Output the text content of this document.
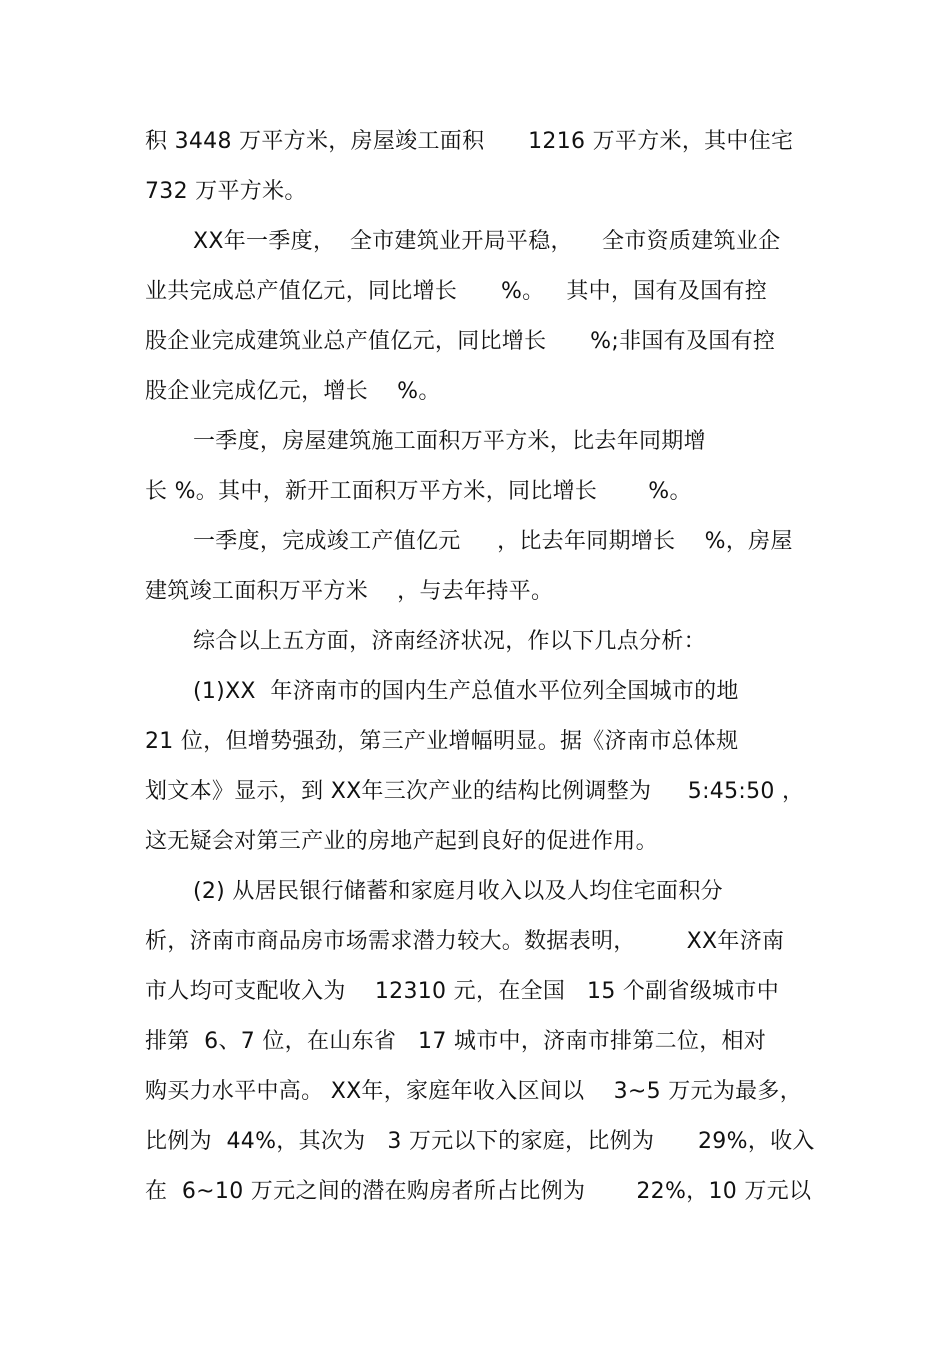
积 3448 万平方米，房屋竣工面积      1216 万平方米，其中住宅
732 万平方米。
XX年一季度，  全市建筑业开局平稳，    全市资质建筑业企
业共完成总产值亿元，同比增长      %。   其中，国有及国有控
股企业完成建筑业总产值亿元，同比增长      %;非国有及国有控
股企业完成亿元，增长    %。
一季度，房屋建筑施工面积万平方米，比去年同期增
长 %。其中，新开工面积万平方米，同比增长       %。
一季度，完成竣工产值亿元     ，比去年同期增长    %，房屋
建筑竣工面积万平方米    ，与去年持平。
综合以上五方面，济南经济状况，作以下几点分析：
(1)XX  年济南市的国内生产总值水平位列全国城市的地
21 位，但增势强劲，第三产业增幅明显。据《济南市总体规
划文本》显示，到 XX年三次产业的结构比例调整为     5:45:50 ，
这无疑会对第三产业的房地产起到良好的促进作用。
(2) 从居民银行储蓄和家庭月收入以及人均住宅面积分
析，济南市商品房市场需求潜力较大。数据表明，       XX年济南
市人均可支配收入为    12310 元，在全国   15 个副省级城市中
排第  6、7 位，在山东省   17 城市中，济南市排第二位，相对
购买力水平中高。 XX年，家庭年收入区间以    3~5 万元为最多，
比例为  44%，其次为   3 万元以下的家庭，比例为      29%，收入
在  6~10 万元之间的潜在购房者所占比例为       22%，10 万元以
